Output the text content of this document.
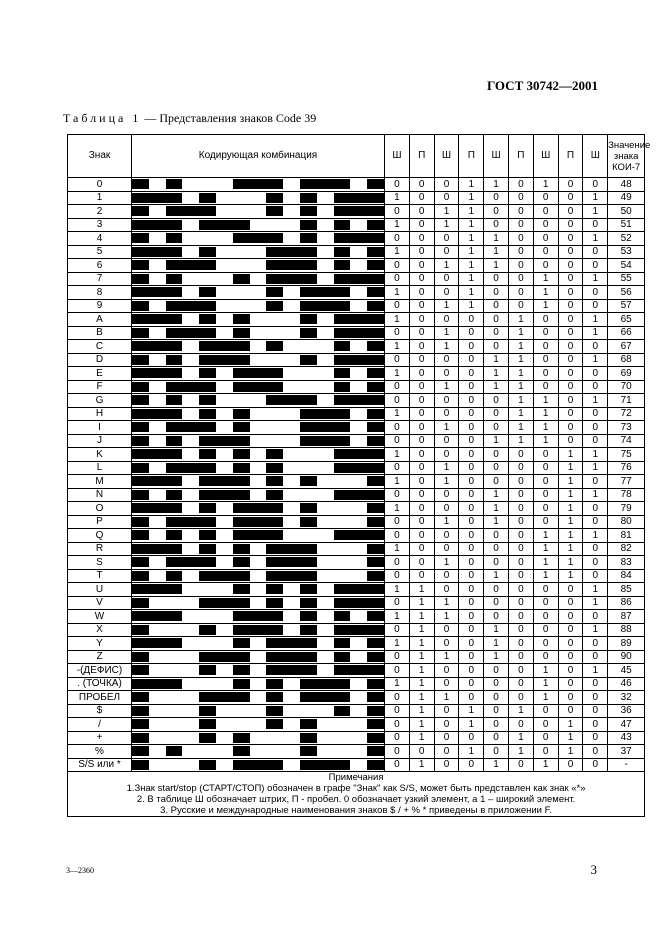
ГОСТ 30742—2001
Таблица 1 — Представления знаков Code 39
Знак	Кодирующая комбинация	Ш	П	Ш	П	Ш	П	Ш	П	Ш	Значение знака КОИ-7
0		0	0	0	1	1	0	1	0	0	48
1		1	0	0	1	0	0	0	0	1	49
2		0	0	1	1	0	0	0	0	1	50
3		1	0	1	1	0	0	0	0	0	51
4		0	0	0	1	1	0	0	0	1	52
5		1	0	0	1	1	0	0	0	0	53
6		0	0	1	1	1	0	0	0	0	54
7		0	0	0	1	0	0	1	0	1	55
8		1	0	0	1	0	0	1	0	0	56
9		0	0	1	1	0	0	1	0	0	57
A		1	0	0	0	0	1	0	0	1	65
B		0	0	1	0	0	1	0	0	1	66
C		1	0	1	0	0	1	0	0	0	67
D		0	0	0	0	1	1	0	0	1	68
E		1	0	0	0	1	1	0	0	0	69
F		0	0	1	0	1	1	0	0	0	70
G		0	0	0	0	0	1	1	0	1	71
H		1	0	0	0	0	1	1	0	0	72
I		0	0	1	0	0	1	1	0	0	73
J		0	0	0	0	1	1	1	0	0	74
K		1	0	0	0	0	0	0	1	1	75
L		0	0	1	0	0	0	0	1	1	76
M		1	0	1	0	0	0	0	1	0	77
N		0	0	0	0	1	0	0	1	1	78
O		1	0	0	0	1	0	0	1	0	79
P		0	0	1	0	1	0	0	1	0	80
Q		0	0	0	0	0	0	1	1	1	81
R		1	0	0	0	0	0	1	1	0	82
S		0	0	1	0	0	0	1	1	0	83
T		0	0	0	0	1	0	1	1	0	84
U		1	1	0	0	0	0	0	0	1	85
V		0	1	1	0	0	0	0	0	1	86
W		1	1	1	0	0	0	0	0	0	87
X		0	1	0	0	1	0	0	0	1	88
Y		1	1	0	0	1	0	0	0	0	89
Z		0	1	1	0	1	0	0	0	0	90
-(ДЕФИС)		0	1	0	0	0	0	1	0	1	45
. (ТОЧКА)		1	1	0	0	0	0	1	0	0	46
ПРОБЕЛ		0	1	1	0	0	0	1	0	0	32
$		0	1	0	1	0	1	0	0	0	36
/		0	1	0	1	0	0	0	1	0	47
+		0	1	0	0	0	1	0	1	0	43
%		0	0	0	1	0	1	0	1	0	37
S/S или *		0	1	0	0	1	0	1	0	0	-

Примечания
1.Знак start/stop (СТАРТ/СТОП) обозначен в графе "Знак" как S/S, может быть представлен как знак «*»
2. В таблице Ш обозначает штрих, П - пробел. 0 обозначает узкий элемент, а 1 – широкий элемент.
3. Русские и международные наименования знаков $ / + % * приведены в приложении F.											
3—2360	3
